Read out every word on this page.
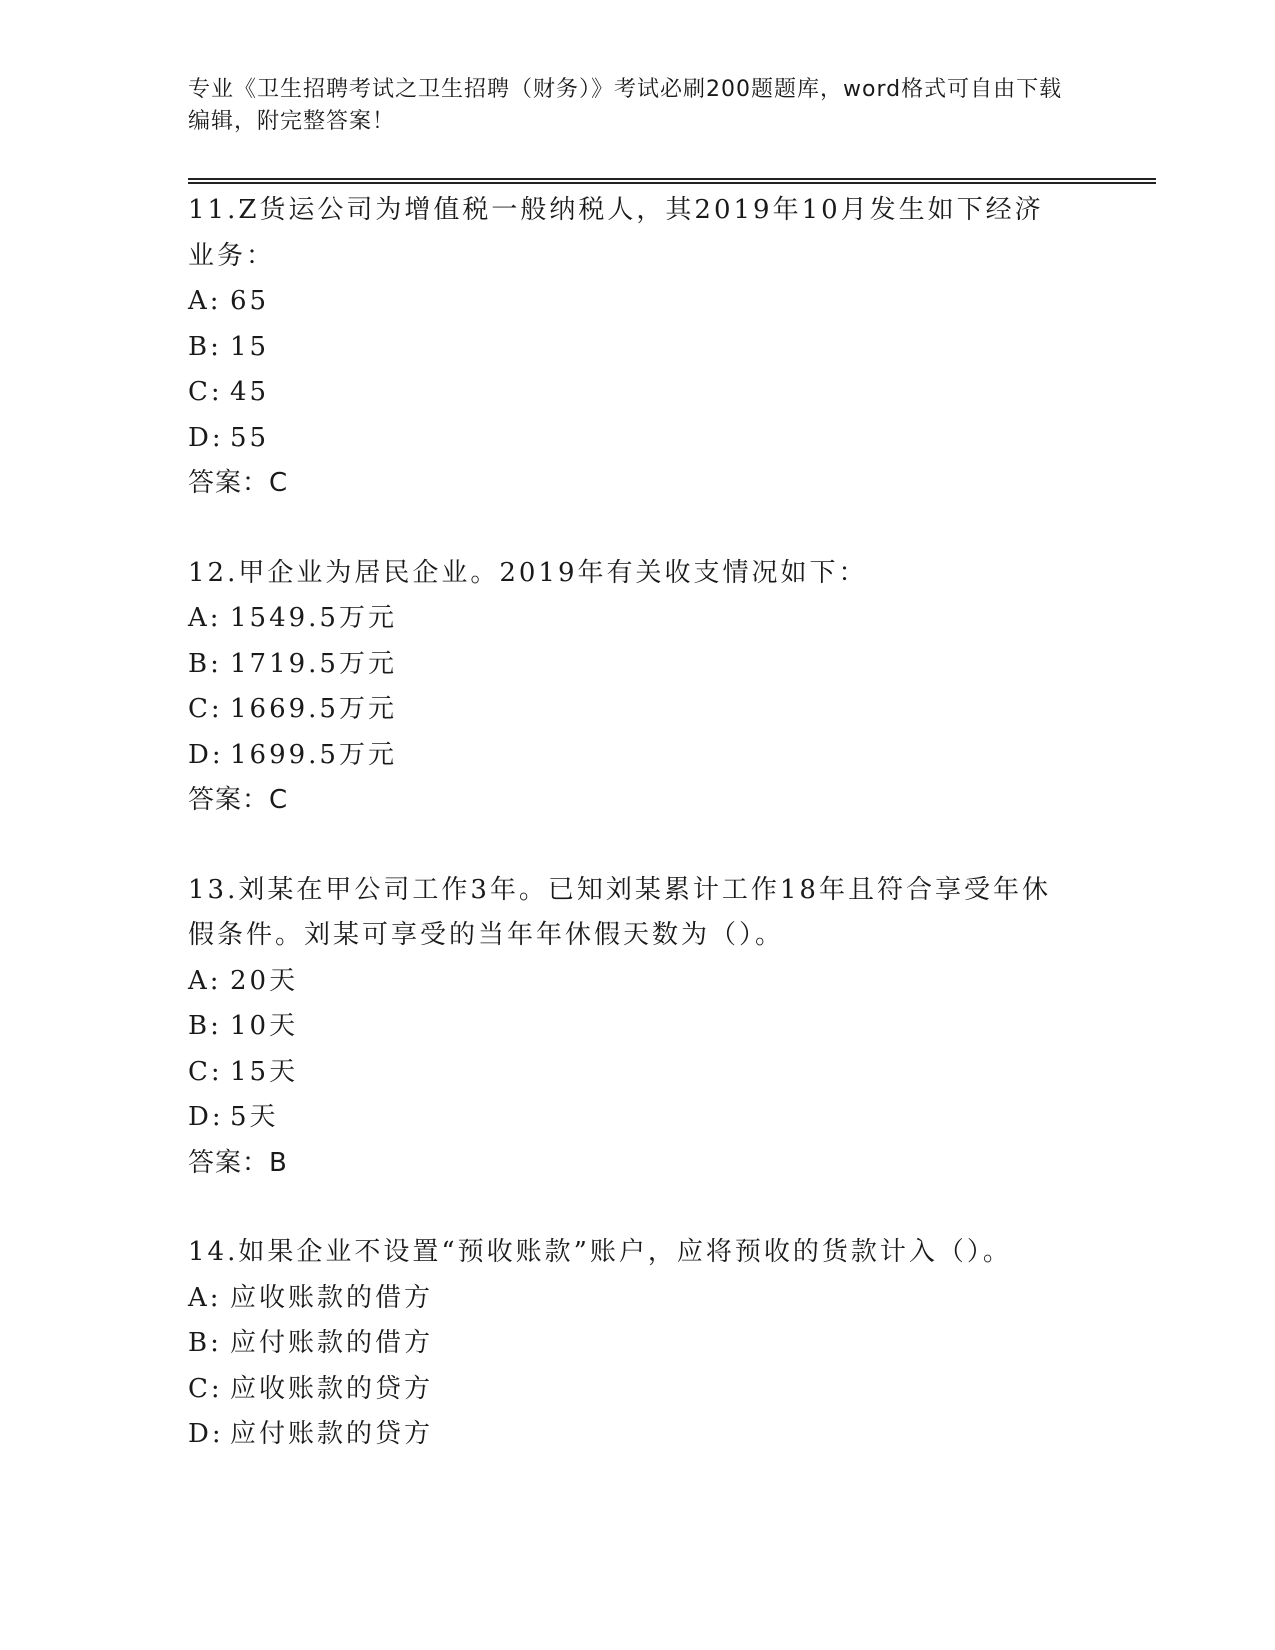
专业《卫生招聘考试之卫生招聘（财务）》考试必刷200题题库，word格式可自由下载编辑，附完整答案！

11.Z货运公司为增值税一般纳税人，其2019年10月发生如下经济业务：

A: 65

B: 15

C: 45

D: 55

答案：C

12.甲企业为居民企业。2019年有关收支情况如下：

A: 1549.5万元

B: 1719.5万元

C: 1669.5万元

D: 1699.5万元

答案：C

13.刘某在甲公司工作3年。已知刘某累计工作18年且符合享受年休假条件。刘某可享受的当年年休假天数为（）。

A: 20天

B: 10天

C: 15天

D: 5天

答案：B

14.如果企业不设置“预收账款”账户，应将预收的货款计入（）。

A: 应收账款的借方

B: 应付账款的借方

C: 应收账款的贷方

D: 应付账款的贷方
